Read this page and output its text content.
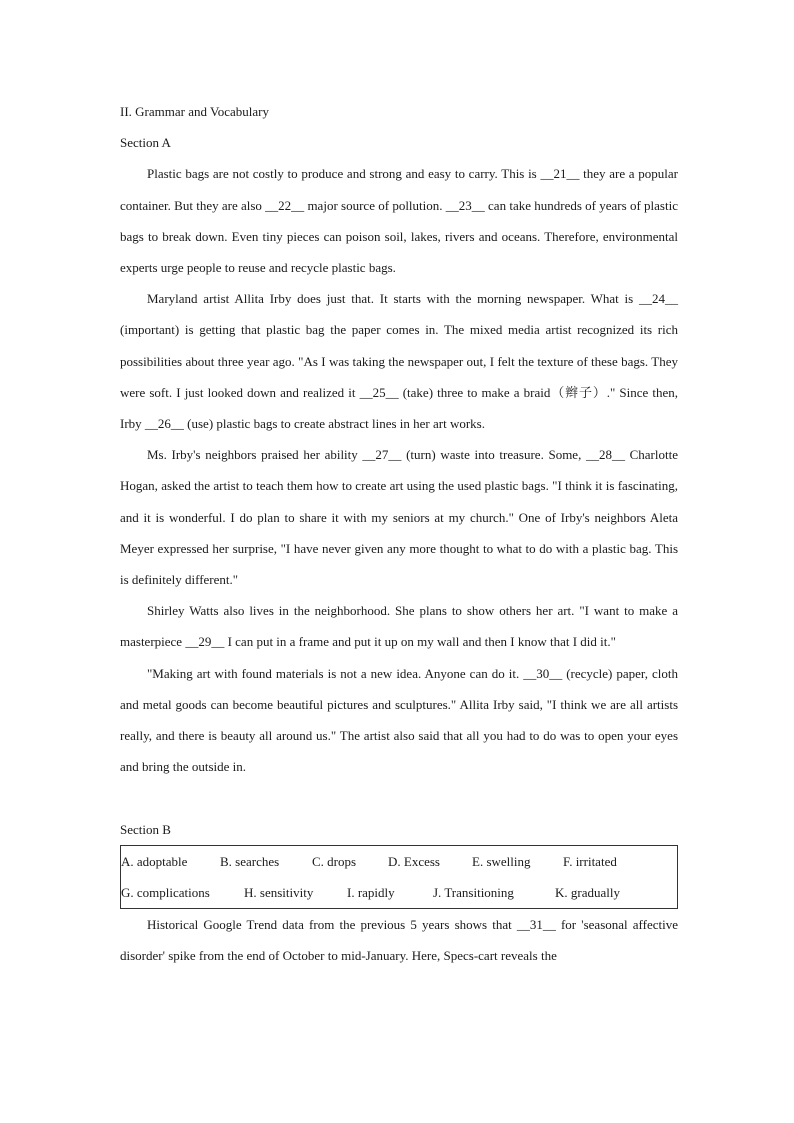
II. Grammar and Vocabulary

Section A

Plastic bags are not costly to produce and strong and easy to carry. This is __21__ they are a popular container. But they are also __22__ major source of pollution. __23__ can take hundreds of years of plastic bags to break down. Even tiny pieces can poison soil, lakes, rivers and oceans. Therefore, environmental experts urge people to reuse and recycle plastic bags.

Maryland artist Allita Irby does just that. It starts with the morning newspaper. What is __24__ (important) is getting that plastic bag the paper comes in. The mixed media artist recognized its rich possibilities about three year ago. "As I was taking the newspaper out, I felt the texture of these bags. They were soft. I just looked down and realized it __25__ (take) three to make a braid（辫子）." Since then, Irby __26__ (use) plastic bags to create abstract lines in her art works.

Ms. Irby's neighbors praised her ability __27__ (turn) waste into treasure. Some, __28__ Charlotte Hogan, asked the artist to teach them how to create art using the used plastic bags. "I think it is fascinating, and it is wonderful. I do plan to share it with my seniors at my church." One of Irby's neighbors Aleta Meyer expressed her surprise, "I have never given any more thought to what to do with a plastic bag. This is definitely different."

Shirley Watts also lives in the neighborhood. She plans to show others her art. "I want to make a masterpiece __29__ I can put in a frame and put it up on my wall and then I know that I did it."

"Making art with found materials is not a new idea. Anyone can do it. __30__ (recycle) paper, cloth and metal goods can become beautiful pictures and sculptures." Allita Irby said, "I think we are all artists really, and there is beauty all around us." The artist also said that all you had to do was to open your eyes and bring the outside in.

Section B

A. adoptable	B. searches	C. drops	D. Excess	E. swelling	F. irritated
G. complications	H. sensitivity	I. rapidly	J. Transitioning	K. gradually

Historical Google Trend data from the previous 5 years shows that __31__ for 'seasonal affective disorder' spike from the end of October to mid-January. Here, Specs-cart reveals the
